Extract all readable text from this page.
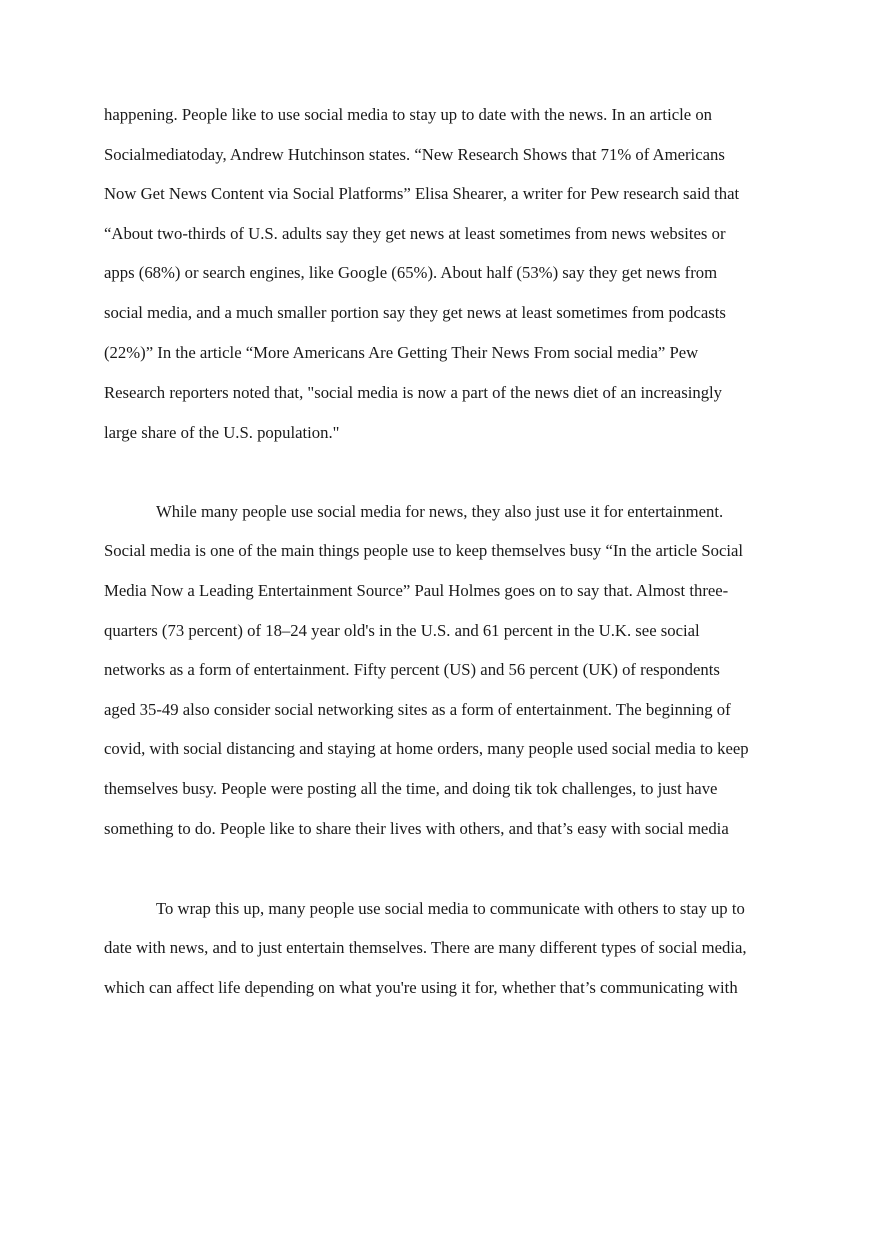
happening. People like to use social media to stay up to date with the news. In an article on

Socialmediatoday, Andrew Hutchinson states. “New Research Shows that 71% of Americans

Now Get News Content via Social Platforms” Elisa Shearer, a writer for Pew research said that

“About two-thirds of U.S. adults say they get news at least sometimes from news websites or

apps (68%) or search engines, like Google (65%). About half (53%) say they get news from

social media, and a much smaller portion say they get news at least sometimes from podcasts

(22%)” In the article “More Americans Are Getting Their News From social media” Pew

Research reporters noted that, "social media is now a part of the news diet of an increasingly

large share of the U.S. population."

While many people use social media for news, they also just use it for entertainment.

Social media is one of the main things people use to keep themselves busy “In the article Social

Media Now a Leading Entertainment Source” Paul Holmes goes on to say that. Almost three-

quarters (73 percent) of 18–24 year old's in the U.S. and 61 percent in the U.K. see social

networks as a form of entertainment. Fifty percent (US) and 56 percent (UK) of respondents

aged 35-49 also consider social networking sites as a form of entertainment. The beginning of

covid, with social distancing and staying at home orders, many people used social media to keep

themselves busy. People were posting all the time, and doing tik tok challenges, to just have

something to do. People like to share their lives with others, and that’s easy with social media

To wrap this up, many people use social media to communicate with others to stay up to

date with news, and to just entertain themselves. There are many different types of social media,

which can affect life depending on what you're using it for, whether that’s communicating with
